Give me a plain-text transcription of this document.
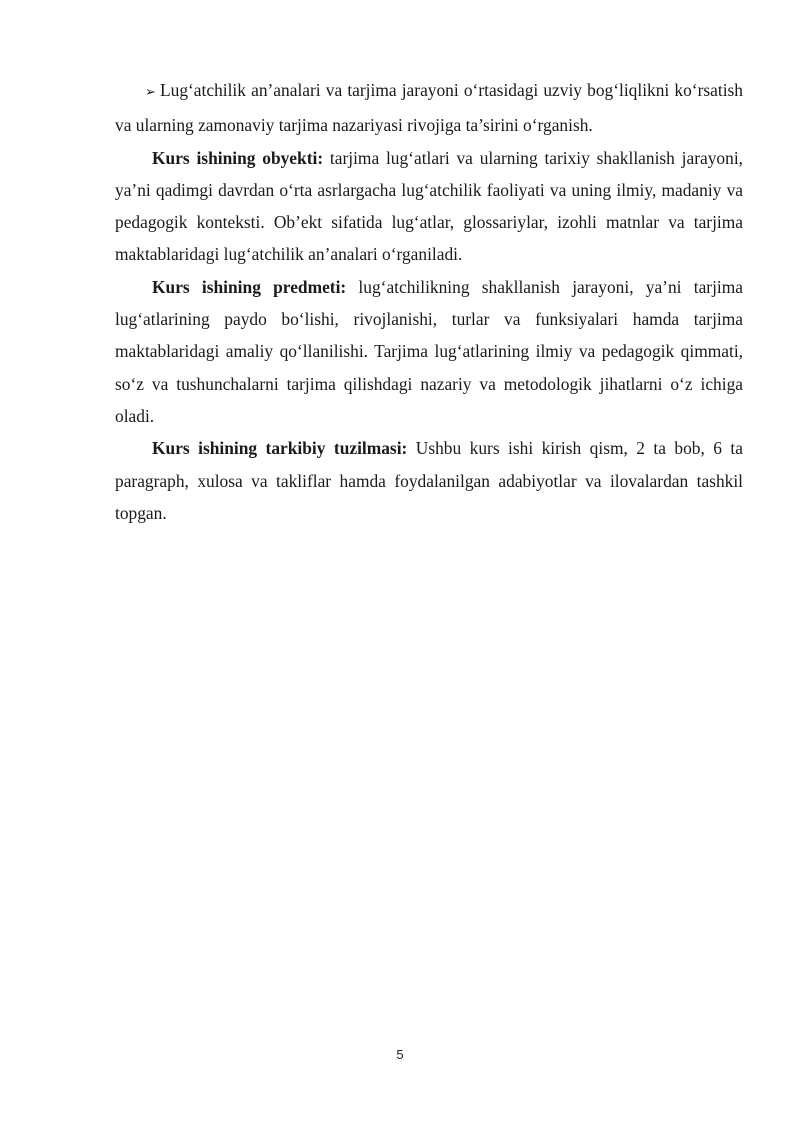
➢ Lug‘atchilik an’analari va tarjima jarayoni o‘rtasidagi uzviy bog‘liqlikni ko‘rsatish va ularning zamonaviy tarjima nazariyasi rivojiga ta’sirini o‘rganish.

Kurs ishining obyekti: tarjima lug‘atlari va ularning tarixiy shakllanish jarayoni, ya’ni qadimgi davrdan o‘rta asrlargacha lug‘atchilik faoliyati va uning ilmiy, madaniy va pedagogik konteksti. Ob’ekt sifatida lug‘atlar, glossariylar, izohli matnlar va tarjima maktablaridagi lug‘atchilik an’analari o‘rganiladi.

Kurs ishining predmeti: lug‘atchilikning shakllanish jarayoni, ya’ni tarjima lug‘atlarining paydo bo‘lishi, rivojlanishi, turlar va funksiyalari hamda tarjima maktablaridagi amaliy qo‘llanilishi. Tarjima lug‘atlarining ilmiy va pedagogik qimmati, so‘z va tushunchalarni tarjima qilishdagi nazariy va metodologik jihatlarni o‘z ichiga oladi.

Kurs ishining tarkibiy tuzilmasi: Ushbu kurs ishi kirish qism, 2 ta bob, 6 ta paragraph, xulosa va takliflar hamda foydalanilgan adabiyotlar va ilovalardan tashkil topgan.

5
